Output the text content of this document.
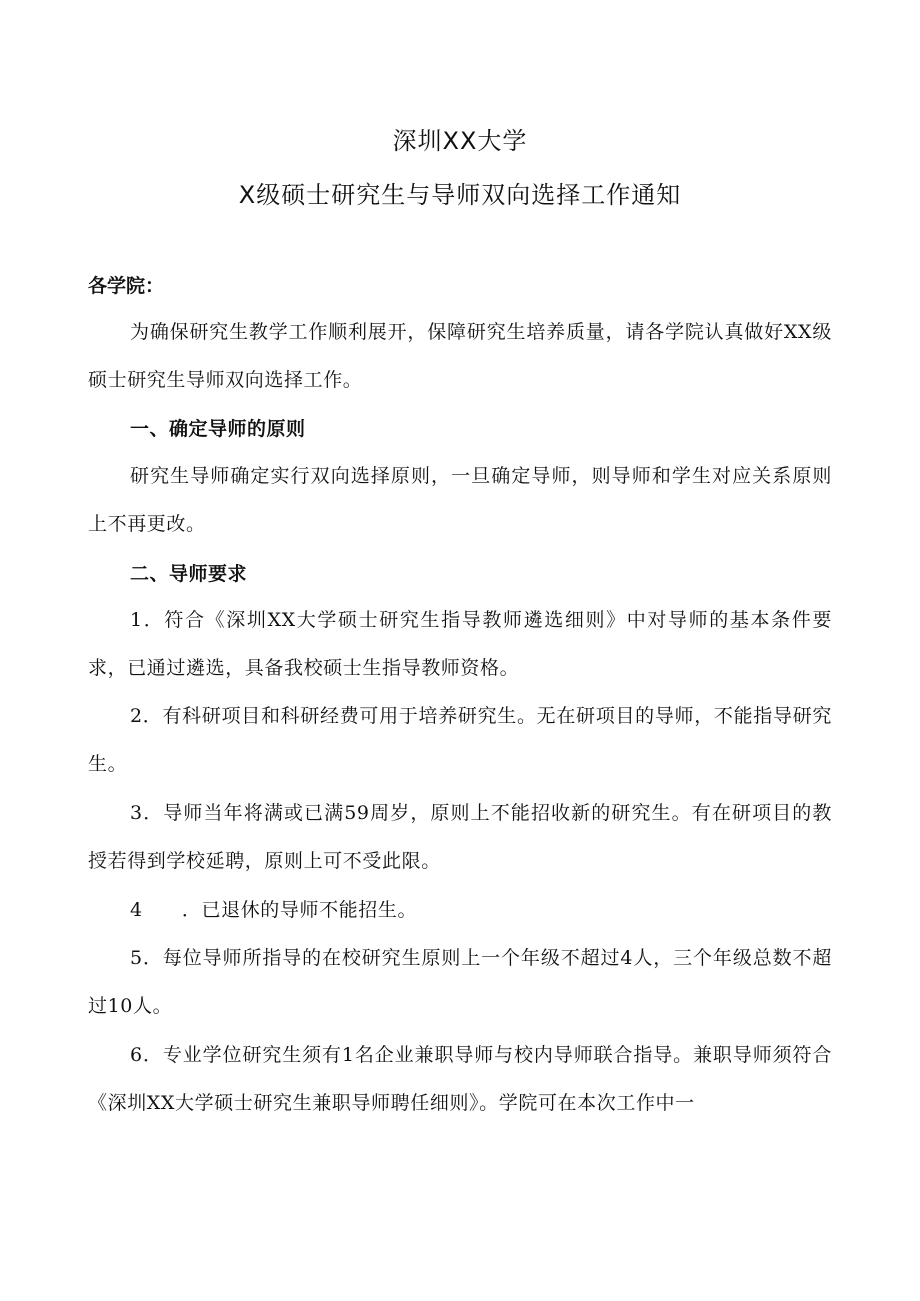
深圳XX大学
X级硕士研究生与导师双向选择工作通知
各学院：
为确保研究生教学工作顺利展开，保障研究生培养质量，请各学院认真做好XX级硕士研究生导师双向选择工作。
一、确定导师的原则
研究生导师确定实行双向选择原则，一旦确定导师，则导师和学生对应关系原则上不再更改。
二、导师要求
1．符合《深圳XX大学硕士研究生指导教师遴选细则》中对导师的基本条件要求，已通过遴选，具备我校硕士生指导教师资格。
2．有科研项目和科研经费可用于培养研究生。无在研项目的导师，不能指导研究生。
3．导师当年将满或已满59周岁，原则上不能招收新的研究生。有在研项目的教授若得到学校延聘，原则上可不受此限。
4　　．已退休的导师不能招生。
5．每位导师所指导的在校研究生原则上一个年级不超过4人，三个年级总数不超过10人。
6．专业学位研究生须有1名企业兼职导师与校内导师联合指导。兼职导师须符合《深圳XX大学硕士研究生兼职导师聘任细则》。学院可在本次工作中一
